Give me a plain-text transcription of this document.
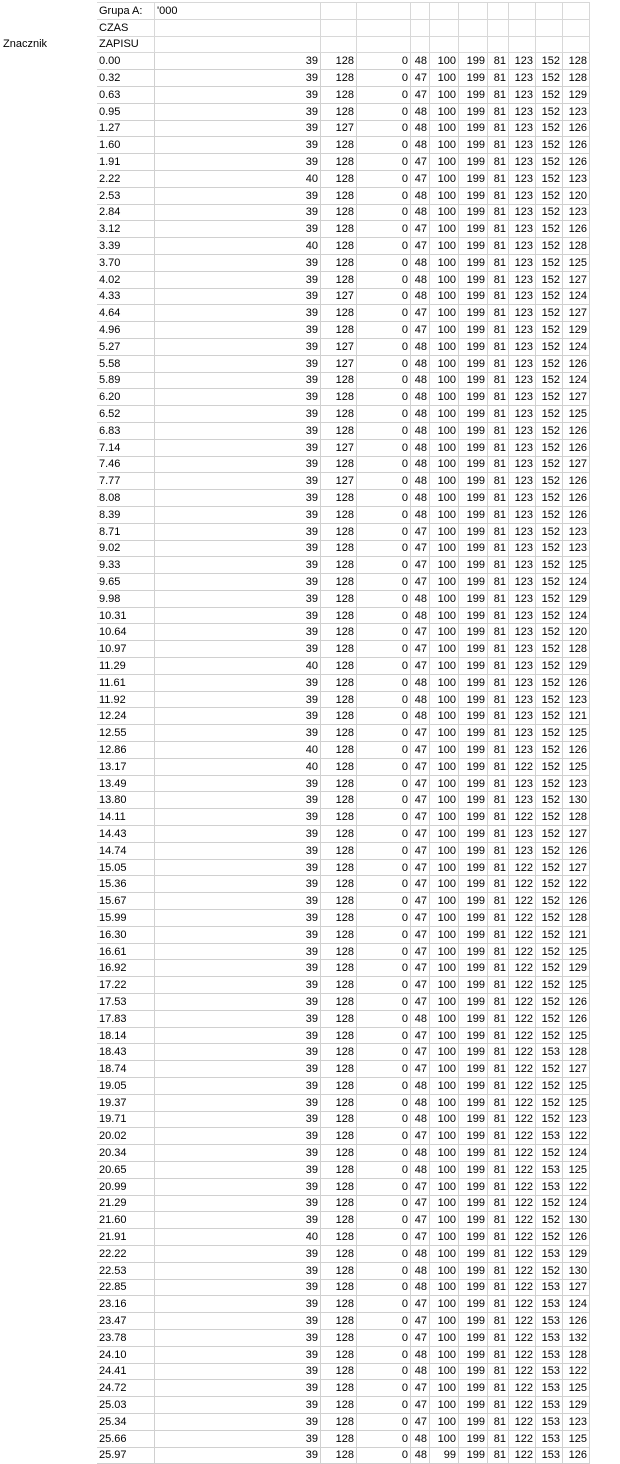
	Grupa A:	'000									
	CZAS										
Znacznik	ZAPISU										
	0.00	39	128	0	48	100	199	81	123	152	128
	0.32	39	128	0	47	100	199	81	123	152	128
	0.63	39	128	0	47	100	199	81	123	152	129
	0.95	39	128	0	48	100	199	81	123	152	123
	1.27	39	127	0	48	100	199	81	123	152	126
	1.60	39	128	0	48	100	199	81	123	152	126
	1.91	39	128	0	47	100	199	81	123	152	126
	2.22	40	128	0	47	100	199	81	123	152	123
	2.53	39	128	0	48	100	199	81	123	152	120
	2.84	39	128	0	48	100	199	81	123	152	123
	3.12	39	128	0	47	100	199	81	123	152	126
	3.39	40	128	0	47	100	199	81	123	152	128
	3.70	39	128	0	48	100	199	81	123	152	125
	4.02	39	128	0	48	100	199	81	123	152	127
	4.33	39	127	0	48	100	199	81	123	152	124
	4.64	39	128	0	47	100	199	81	123	152	127
	4.96	39	128	0	47	100	199	81	123	152	129
	5.27	39	127	0	48	100	199	81	123	152	124
	5.58	39	127	0	48	100	199	81	123	152	126
	5.89	39	128	0	48	100	199	81	123	152	124
	6.20	39	128	0	48	100	199	81	123	152	127
	6.52	39	128	0	48	100	199	81	123	152	125
	6.83	39	128	0	48	100	199	81	123	152	126
	7.14	39	127	0	48	100	199	81	123	152	126
	7.46	39	128	0	48	100	199	81	123	152	127
	7.77	39	127	0	48	100	199	81	123	152	126
	8.08	39	128	0	48	100	199	81	123	152	126
	8.39	39	128	0	48	100	199	81	123	152	126
	8.71	39	128	0	47	100	199	81	123	152	123
	9.02	39	128	0	47	100	199	81	123	152	123
	9.33	39	128	0	47	100	199	81	123	152	125
	9.65	39	128	0	47	100	199	81	123	152	124
	9.98	39	128	0	48	100	199	81	123	152	129
	10.31	39	128	0	48	100	199	81	123	152	124
	10.64	39	128	0	47	100	199	81	123	152	120
	10.97	39	128	0	47	100	199	81	123	152	128
	11.29	40	128	0	47	100	199	81	123	152	129
	11.61	39	128	0	48	100	199	81	123	152	126
	11.92	39	128	0	48	100	199	81	123	152	123
	12.24	39	128	0	48	100	199	81	123	152	121
	12.55	39	128	0	47	100	199	81	123	152	125
	12.86	40	128	0	47	100	199	81	123	152	126
	13.17	40	128	0	47	100	199	81	122	152	125
	13.49	39	128	0	47	100	199	81	123	152	123
	13.80	39	128	0	47	100	199	81	123	152	130
	14.11	39	128	0	47	100	199	81	122	152	128
	14.43	39	128	0	47	100	199	81	123	152	127
	14.74	39	128	0	47	100	199	81	123	152	126
	15.05	39	128	0	47	100	199	81	122	152	127
	15.36	39	128	0	47	100	199	81	122	152	122
	15.67	39	128	0	47	100	199	81	122	152	126
	15.99	39	128	0	47	100	199	81	122	152	128
	16.30	39	128	0	47	100	199	81	122	152	121
	16.61	39	128	0	47	100	199	81	122	152	125
	16.92	39	128	0	47	100	199	81	122	152	129
	17.22	39	128	0	47	100	199	81	122	152	125
	17.53	39	128	0	47	100	199	81	122	152	126
	17.83	39	128	0	48	100	199	81	122	152	126
	18.14	39	128	0	47	100	199	81	122	152	125
	18.43	39	128	0	47	100	199	81	122	153	128
	18.74	39	128	0	47	100	199	81	122	152	127
	19.05	39	128	0	48	100	199	81	122	152	125
	19.37	39	128	0	48	100	199	81	122	152	125
	19.71	39	128	0	48	100	199	81	122	152	123
	20.02	39	128	0	47	100	199	81	122	153	122
	20.34	39	128	0	48	100	199	81	122	152	124
	20.65	39	128	0	48	100	199	81	122	153	125
	20.99	39	128	0	47	100	199	81	122	153	122
	21.29	39	128	0	47	100	199	81	122	152	124
	21.60	39	128	0	47	100	199	81	122	152	130
	21.91	40	128	0	47	100	199	81	122	152	126
	22.22	39	128	0	48	100	199	81	122	153	129
	22.53	39	128	0	48	100	199	81	122	152	130
	22.85	39	128	0	48	100	199	81	122	153	127
	23.16	39	128	0	47	100	199	81	122	153	124
	23.47	39	128	0	47	100	199	81	122	153	126
	23.78	39	128	0	47	100	199	81	122	153	132
	24.10	39	128	0	48	100	199	81	122	153	128
	24.41	39	128	0	48	100	199	81	122	153	122
	24.72	39	128	0	47	100	199	81	122	153	125
	25.03	39	128	0	47	100	199	81	122	153	129
	25.34	39	128	0	47	100	199	81	122	153	123
	25.66	39	128	0	48	100	199	81	122	153	125
	25.97	39	128	0	48	99	199	81	122	153	126
